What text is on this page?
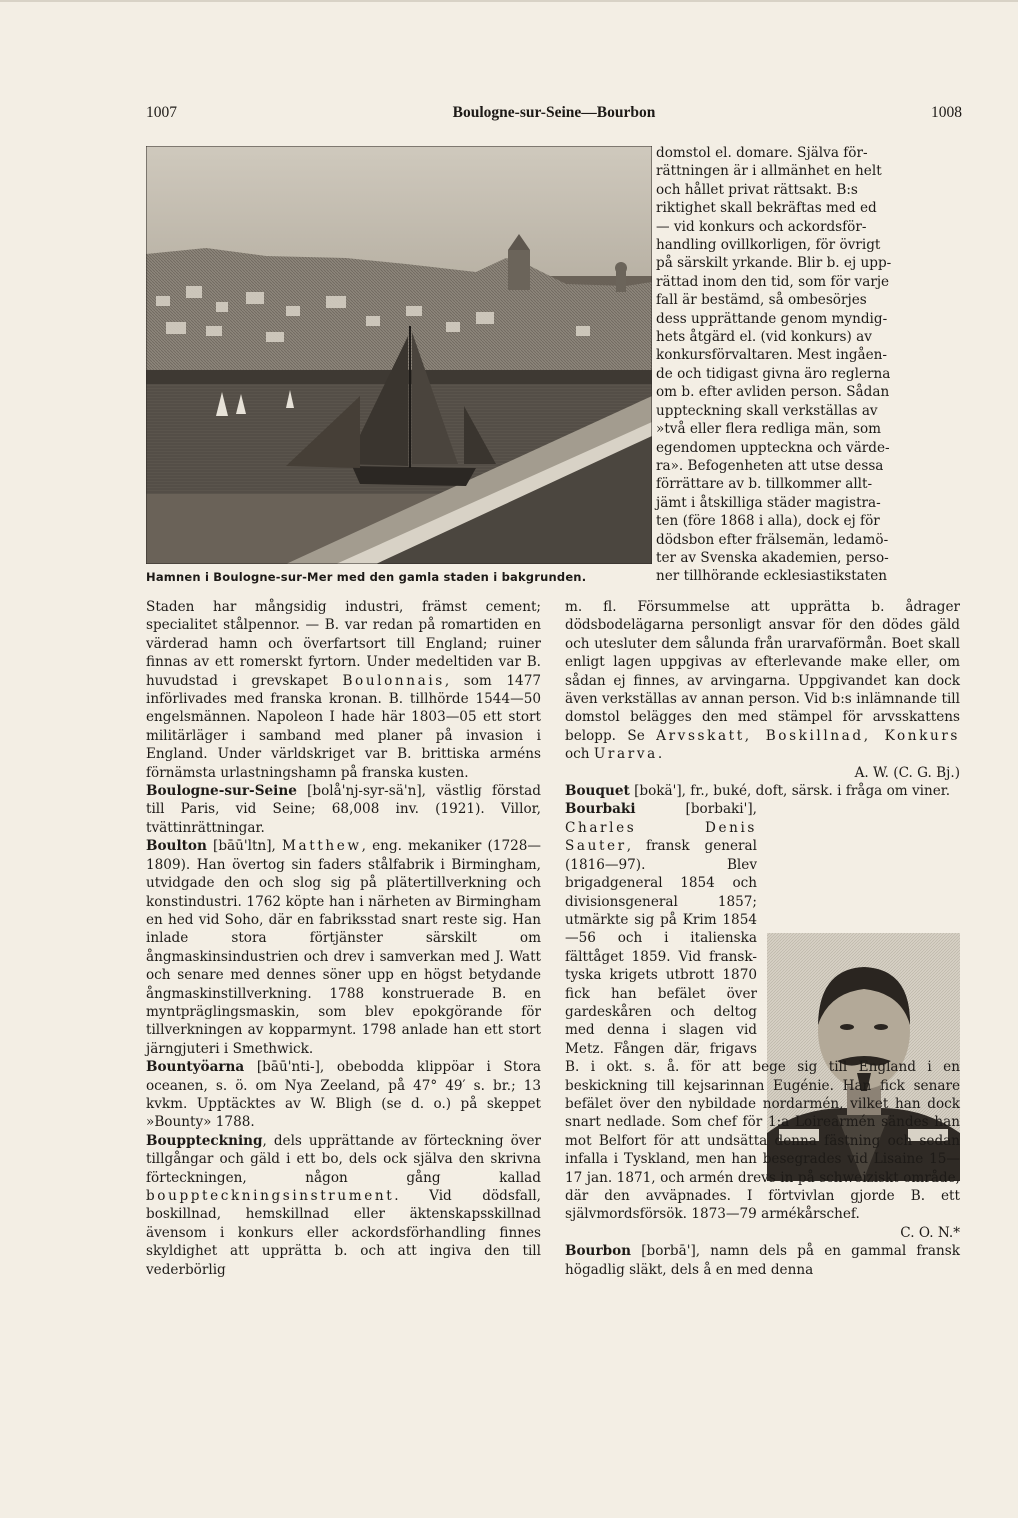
1007	Boulogne-sur-Seine—Bourbon	1008
Hamnen i Boulogne-sur-Mer med den gamla staden i bakgrunden.
domstol el. domare. Själva för-
rättningen är i allmänhet en helt
och hållet privat rättsakt. B:s
riktighet skall bekräftas med ed
— vid konkurs och ackordsför-
handling ovillkorligen, för övrigt
på särskilt yrkande. Blir b. ej upp-
rättad inom den tid, som för varje
fall är bestämd, så ombesörjes
dess upprättande genom myndig-
hets åtgärd el. (vid konkurs) av
konkursförvaltaren. Mest ingåen-
de och tidigast givna äro reglerna
om b. efter avliden person. Sådan
uppteckning skall verkställas av
»två eller flera redliga män, som
egendomen uppteckna och värde-
ra». Befogenheten att utse dessa
förrättare av b. tillkommer allt-
jämt i åtskilliga städer magistra-
ten (före 1868 i alla), dock ej för
dödsbon efter frälsemän, ledamö-
ter av Svenska akademien, perso-
ner tillhörande ecklesiastikstaten

Staden har mångsidig industri, främst cement; specialitet stålpennor. — B. var redan på romartiden en värderad hamn och överfartsort till England; ruiner finnas av ett romerskt fyrtorn. Under medeltiden var B. huvudstad i grevskapet Boulonnais, som 1477 införlivades med franska kronan. B. tillhörde 1544—50 engelsmännen. Napoleon I hade här 1803—05 ett stort militärläger i samband med planer på invasion i England. Under världskriget var B. brittiska arméns förnämsta urlastningshamn på franska kusten.

Boulogne-sur-Seine [bolå'nj-syr-sä'n], västlig förstad till Paris, vid Seine; 68,008 inv. (1921). Villor, tvättinrättningar.

Boulton [bāū'ltn], Matthew, eng. mekaniker (1728—1809). Han övertog sin faders stålfabrik i Birmingham, utvidgade den och slog sig på plätertillverkning och konstindustri. 1762 köpte han i närheten av Birmingham en hed vid Soho, där en fabriksstad snart reste sig. Han inlade stora förtjänster särskilt om ångmaskinsindustrien och drev i samverkan med J. Watt och senare med dennes söner upp en högst betydande ångmaskinstillverkning. 1788 konstruerade B. en myntpräglingsmaskin, som blev epokgörande för tillverkningen av kopparmynt. 1798 anlade han ett stort järngjuteri i Smethwick.

Bountyöarna [bāū'nti-], obebodda klippöar i Stora oceanen, s. ö. om Nya Zeeland, på 47° 49′ s. br.; 13 kvkm. Upptäcktes av W. Bligh (se d. o.) på skeppet »Bounty» 1788.

Bouppteckning, dels upprättande av förteckning över tillgångar och gäld i ett bo, dels ock själva den skrivna förteckningen, någon gång kallad bouppteckningsinstrument. Vid dödsfall, boskillnad, hemskillnad eller äktenskapsskillnad ävensom i konkurs eller ackordsförhandling finnes skyldighet att upprätta b. och att ingiva den till vederbörlig

m. fl. Försummelse att upprätta b. ådrager dödsbodelägarna personligt ansvar för den dödes gäld och utesluter dem sålunda från urarvaförmån. Boet skall enligt lagen uppgivas av efterlevande make eller, om sådan ej finnes, av arvingarna. Uppgivandet kan dock även verkställas av annan person. Vid b:s inlämnande till domstol belägges den med stämpel för arvsskattens belopp. Se Arvsskatt, Boskillnad, Konkurs och Urarva.

A. W. (C. G. Bj.)

Bouquet [bokä'], fr., buké, doft, särsk. i fråga om viner.

Bourbaki [borbaki'], Charles Denis Sauter, fransk general (1816—97). Blev brigadgeneral 1854 och divisionsgeneral 1857; utmärkte sig på Krim 1854—56 och i italienska fälttåget 1859. Vid fransk-tyska krigets utbrott 1870 fick han befälet över gardeskåren och deltog med denna i slagen vid Metz. Fången där, frigavs B. i okt. s. å. för att bege sig till England i en beskickning till kejsarinnan Eugénie. Han fick senare befälet över den nybildade nordarmén, vilket han dock snart nedlade. Som chef för 1:a Loirearmén sändes han mot Belfort för att undsätta denna fästning och sedan infalla i Tyskland, men han besegrades vid Lisaine 15—17 jan. 1871, och armén drevs in på schweiziskt område, där den avväpnades. I förtvivlan gjorde B. ett självmordsförsök. 1873—79 armékårschef.

C. O. N.*

Bourbon [borbā'], namn dels på en gammal fransk högadlig släkt, dels å en med denna
